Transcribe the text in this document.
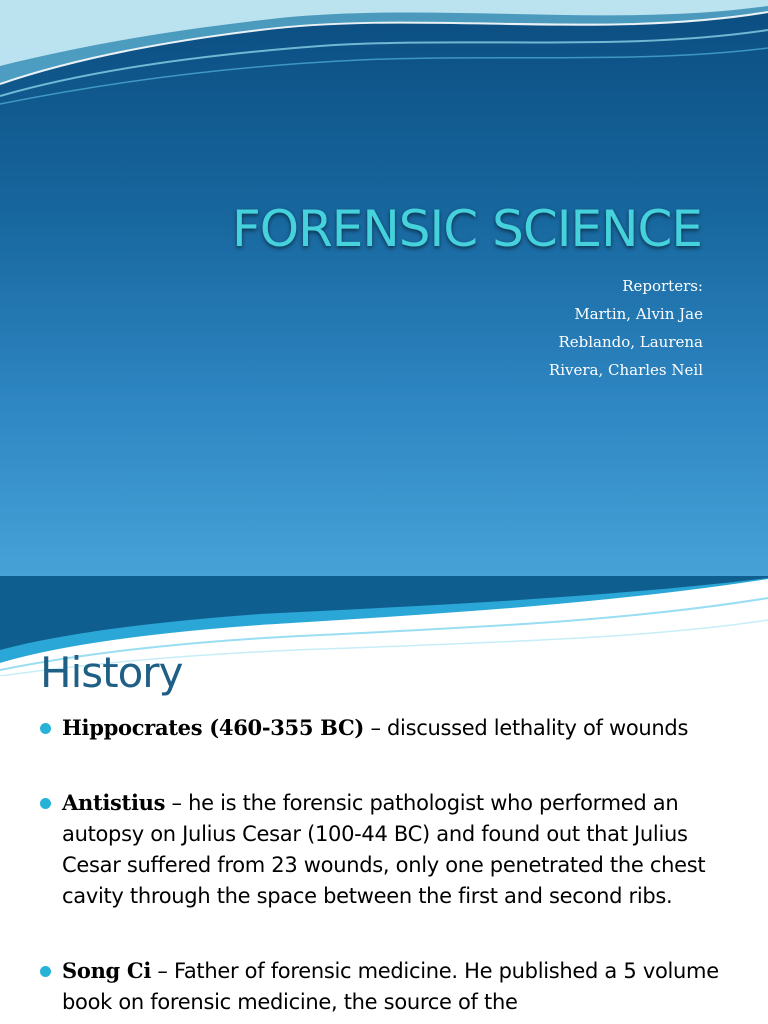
FORENSIC SCIENCE
Reporters:
Martin, Alvin Jae
Reblando, Laurena
Rivera, Charles Neil
History
Hippocrates (460-355 BC) – discussed lethality of wounds
Antistius – he is the forensic pathologist who performed an autopsy on Julius Cesar (100-44 BC) and found out that Julius Cesar suffered from 23 wounds, only one penetrated the chest cavity through the space between the first and second ribs.
Song Ci – Father of forensic medicine. He published a 5 volume book on forensic medicine, the source of the
